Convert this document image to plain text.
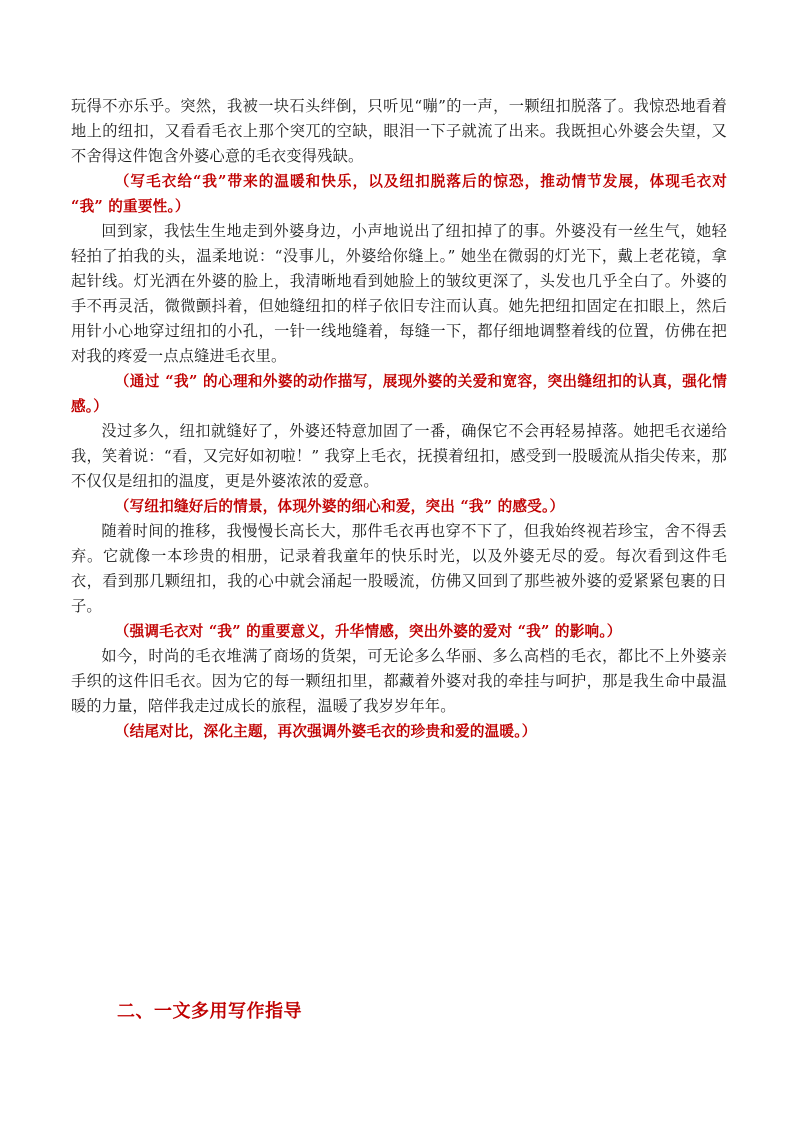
玩得不亦乐乎。突然，我被一块石头绊倒，只听见“嘣”的一声，一颗纽扣脱落了。我惊恐地看着地上的纽扣，又看看毛衣上那个突兀的空缺，眼泪一下子就流了出来。我既担心外婆会失望，又不舍得这件饱含外婆心意的毛衣变得残缺。

（写毛衣给“我”带来的温暖和快乐，以及纽扣脱落后的惊恐，推动情节发展，体现毛衣对 “我” 的重要性。）

回到家，我怯生生地走到外婆身边，小声地说出了纽扣掉了的事。外婆没有一丝生气，她轻轻拍了拍我的头，温柔地说：“没事儿，外婆给你缝上。” 她坐在微弱的灯光下，戴上老花镜，拿起针线。灯光洒在外婆的脸上，我清晰地看到她脸上的皱纹更深了，头发也几乎全白了。外婆的手不再灵活，微微颤抖着，但她缝纽扣的样子依旧专注而认真。她先把纽扣固定在扣眼上，然后用针小心地穿过纽扣的小孔，一针一线地缝着，每缝一下，都仔细地调整着线的位置，仿佛在把对我的疼爱一点点缝进毛衣里。

（通过 “我” 的心理和外婆的动作描写，展现外婆的关爱和宽容，突出缝纽扣的认真，强化情感。）

没过多久，纽扣就缝好了，外婆还特意加固了一番，确保它不会再轻易掉落。她把毛衣递给我，笑着说：“看，又完好如初啦！” 我穿上毛衣，抚摸着纽扣，感受到一股暖流从指尖传来，那不仅仅是纽扣的温度，更是外婆浓浓的爱意。

（写纽扣缝好后的情景，体现外婆的细心和爱，突出 “我” 的感受。）

随着时间的推移，我慢慢长高长大，那件毛衣再也穿不下了，但我始终视若珍宝，舍不得丢弃。它就像一本珍贵的相册，记录着我童年的快乐时光，以及外婆无尽的爱。每次看到这件毛衣，看到那几颗纽扣，我的心中就会涌起一股暖流，仿佛又回到了那些被外婆的爱紧紧包裹的日子。

（强调毛衣对 “我” 的重要意义，升华情感，突出外婆的爱对 “我” 的影响。）

如今，时尚的毛衣堆满了商场的货架，可无论多么华丽、多么高档的毛衣，都比不上外婆亲手织的这件旧毛衣。因为它的每一颗纽扣里，都藏着外婆对我的牵挂与呵护，那是我生命中最温暖的力量，陪伴我走过成长的旅程，温暖了我岁岁年年。

（结尾对比，深化主题，再次强调外婆毛衣的珍贵和爱的温暖。）

二、一文多用写作指导
